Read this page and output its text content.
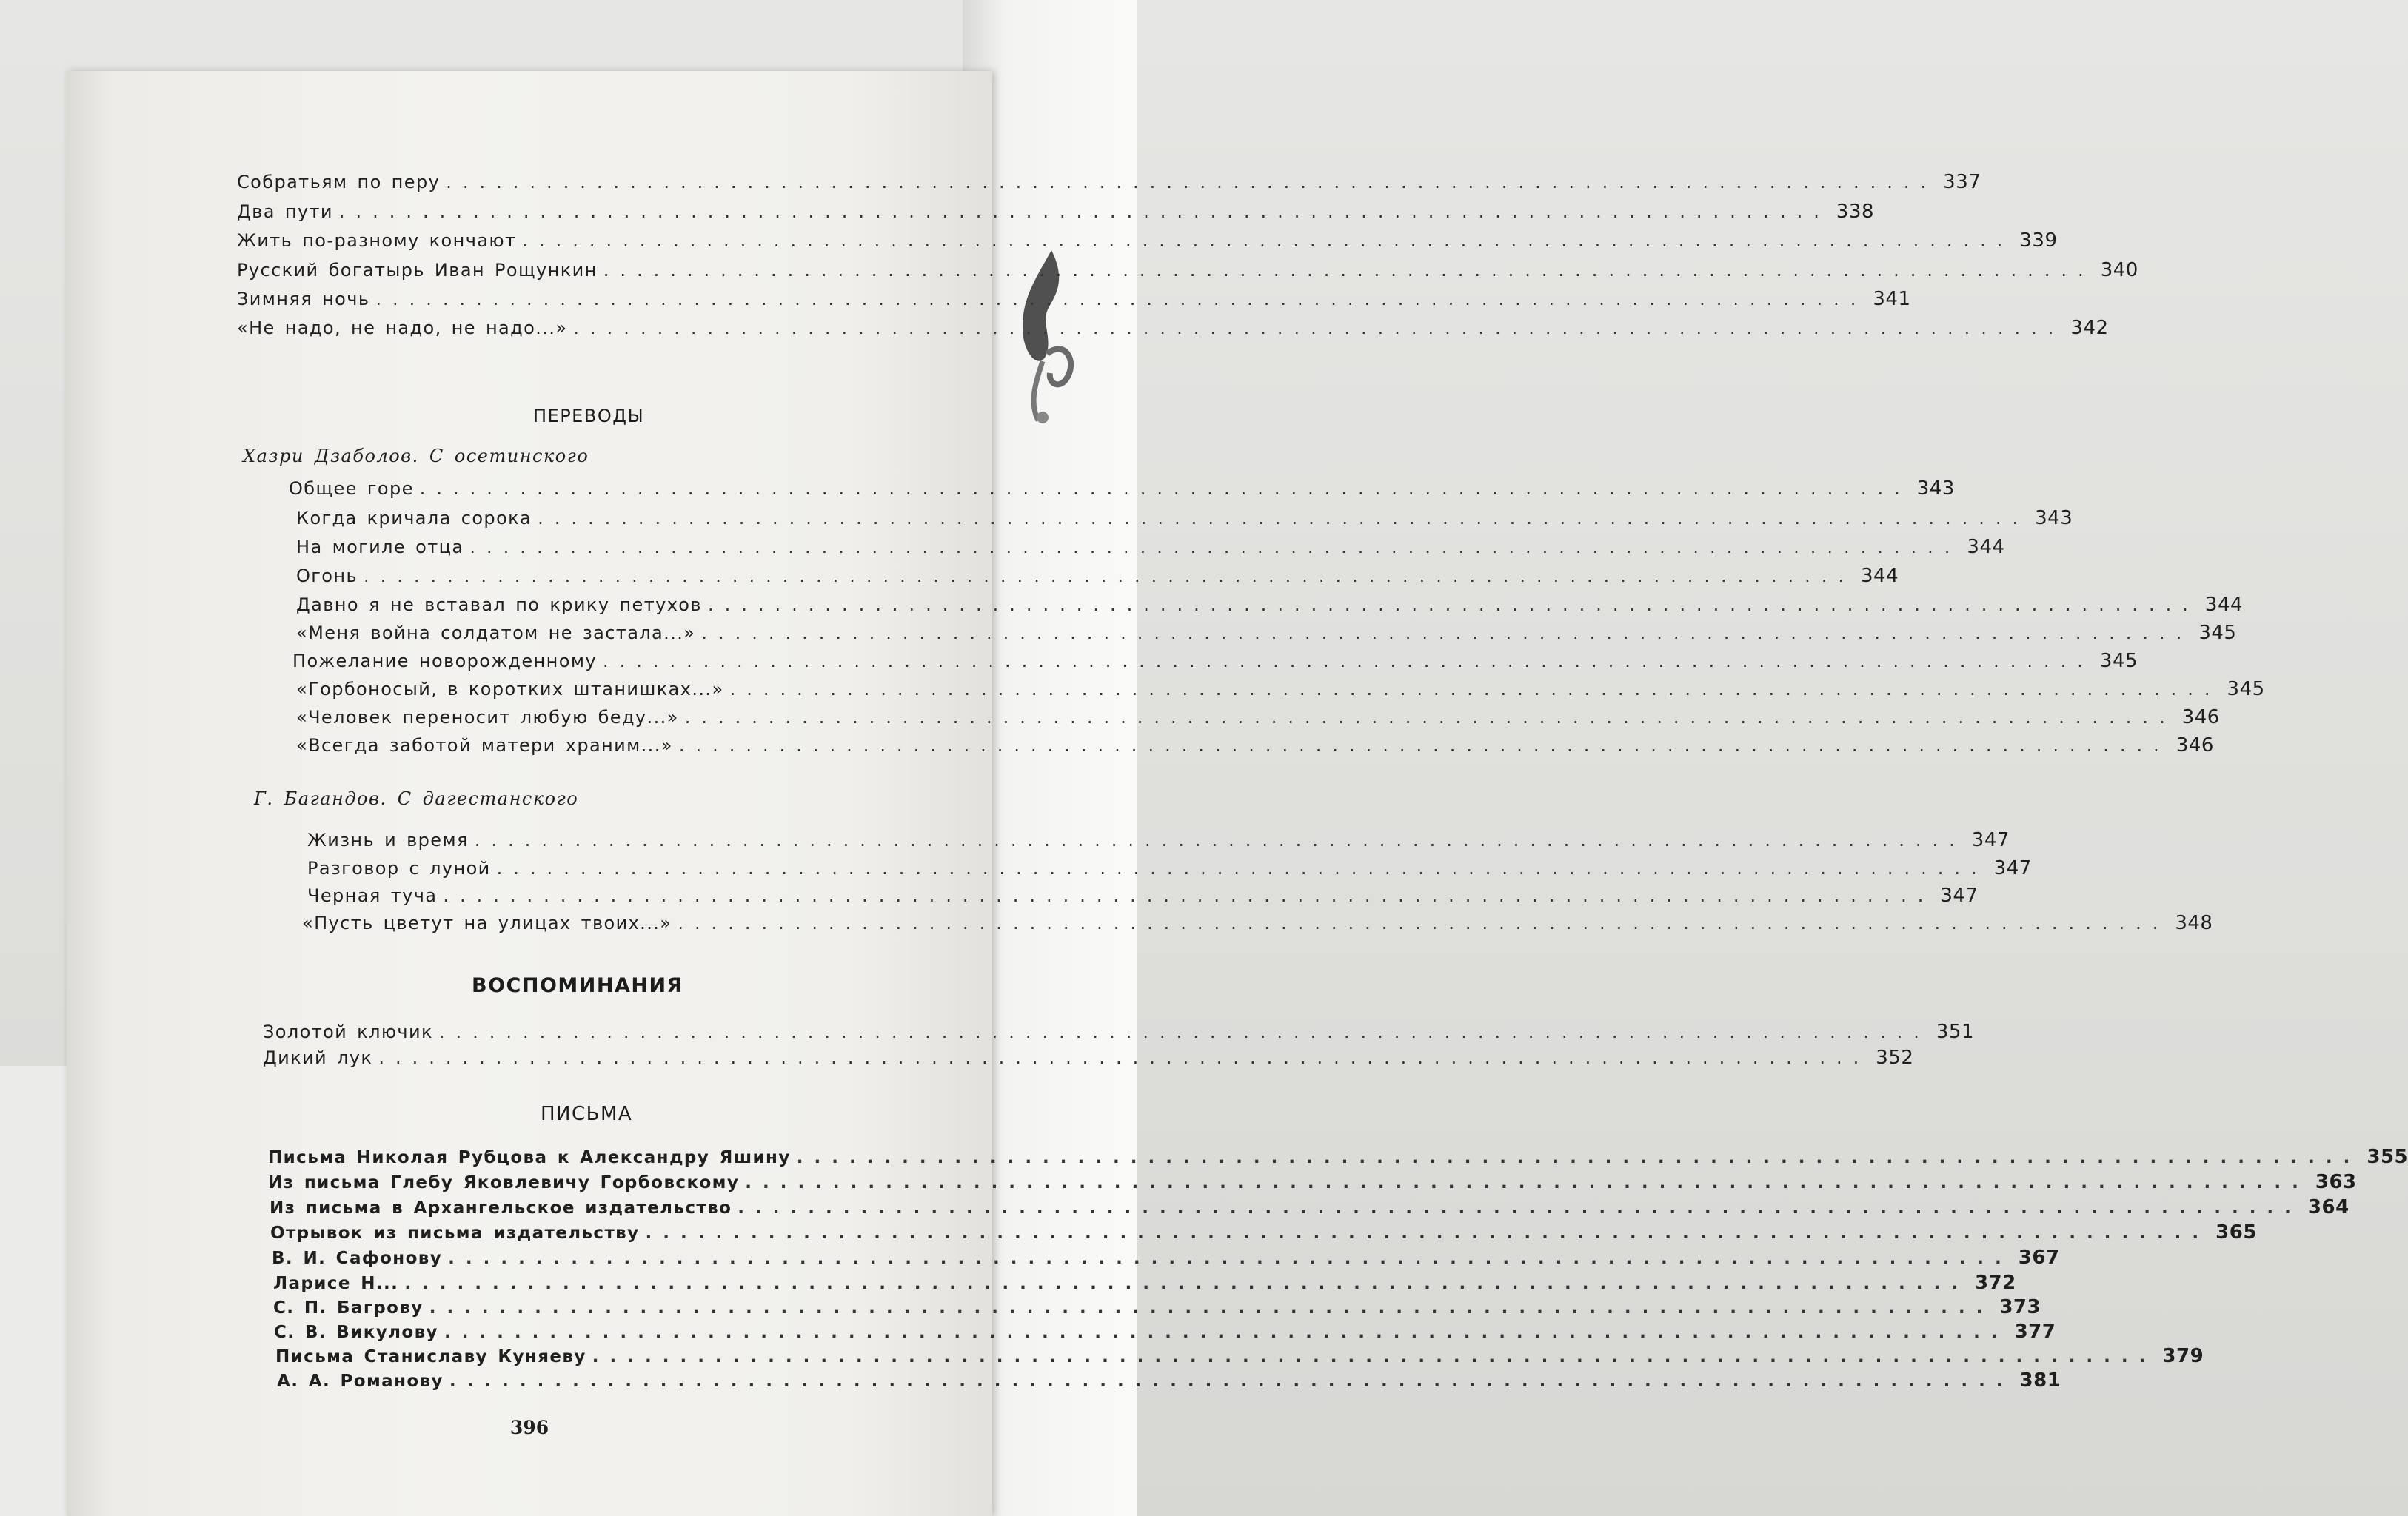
Собратьям по перу ......................................................................................... 337
Два пути ......................................................................................... 338
Жить по-разному кончают ......................................................................................... 339
Русский богатырь Иван Рощункин ......................................................................................... 340
Зимняя ночь ......................................................................................... 341
«Не надо, не надо, не надо...» ......................................................................................... 342
ПЕРЕВОДЫ
Хазри Дзаболов. С осетинского
Общее горе ......................................................................................... 343
Когда кричала сорока ......................................................................................... 343
На могиле отца ......................................................................................... 344
Огонь ......................................................................................... 344
Давно я не вставал по крику петухов ......................................................................................... 344
«Меня война солдатом не застала...» ......................................................................................... 345
Пожелание новорожденному ......................................................................................... 345
«Горбоносый, в коротких штанишках...» ......................................................................................... 345
«Человек переносит любую беду...» ......................................................................................... 346
«Всегда заботой матери храним...» ......................................................................................... 346
Г. Багандов. С дагестанского
Жизнь и время ......................................................................................... 347
Разговор с луной ......................................................................................... 347
Черная туча ......................................................................................... 347
«Пусть цветут на улицах твоих...» ......................................................................................... 348
ВОСПОМИНАНИЯ
Золотой ключик ......................................................................................... 351
Дикий лук ......................................................................................... 352
ПИСЬМА
Письма Николая Рубцова к Александру Яшину ......................................................................................... 355
Из письма Глебу Яковлевичу Горбовскому ......................................................................................... 363
Из письма в Архангельское издательство ......................................................................................... 364
Отрывок из письма издательству ......................................................................................... 365
В. И. Сафонову ......................................................................................... 367
Ларисе Н... ......................................................................................... 372
С. П. Багрову ......................................................................................... 373
С. В. Викулову ......................................................................................... 377
Письма Станиславу Куняеву ......................................................................................... 379
А. А. Романову ......................................................................................... 381
396
